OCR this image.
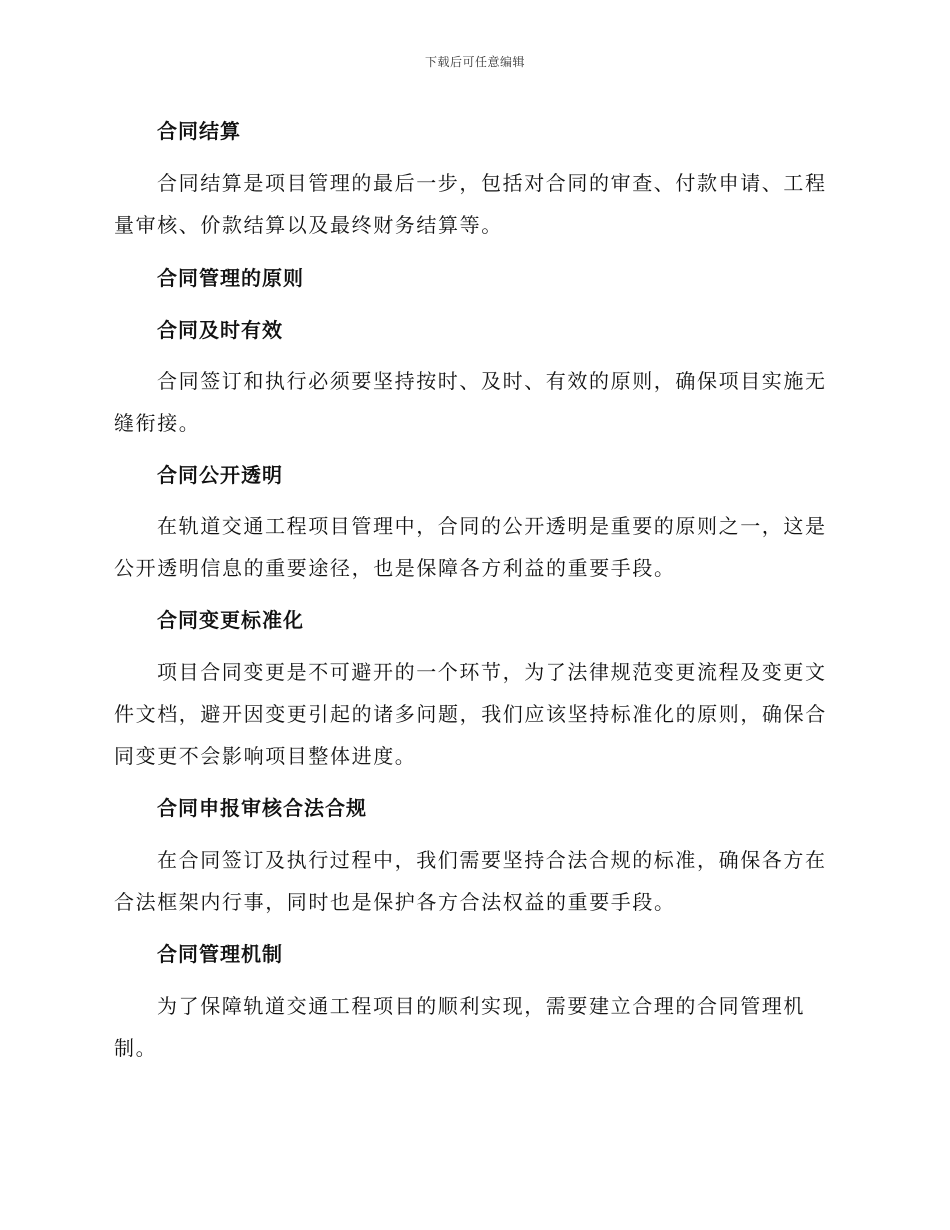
下载后可任意编辑
合同结算
合同结算是项目管理的最后一步，包括对合同的审查、付款申请、工程
量审核、价款结算以及最终财务结算等。
合同管理的原则
合同及时有效
合同签订和执行必须要坚持按时、及时、有效的原则，确保项目实施无
缝衔接。
合同公开透明
在轨道交通工程项目管理中，合同的公开透明是重要的原则之一，这是
公开透明信息的重要途径，也是保障各方利益的重要手段。
合同变更标准化
项目合同变更是不可避开的一个环节，为了法律规范变更流程及变更文
件文档，避开因变更引起的诸多问题，我们应该坚持标准化的原则，确保合
同变更不会影响项目整体进度。
合同申报审核合法合规
在合同签订及执行过程中，我们需要坚持合法合规的标准，确保各方在
合法框架内行事，同时也是保护各方合法权益的重要手段。
合同管理机制
为了保障轨道交通工程项目的顺利实现，需要建立合理的合同管理机
制。
